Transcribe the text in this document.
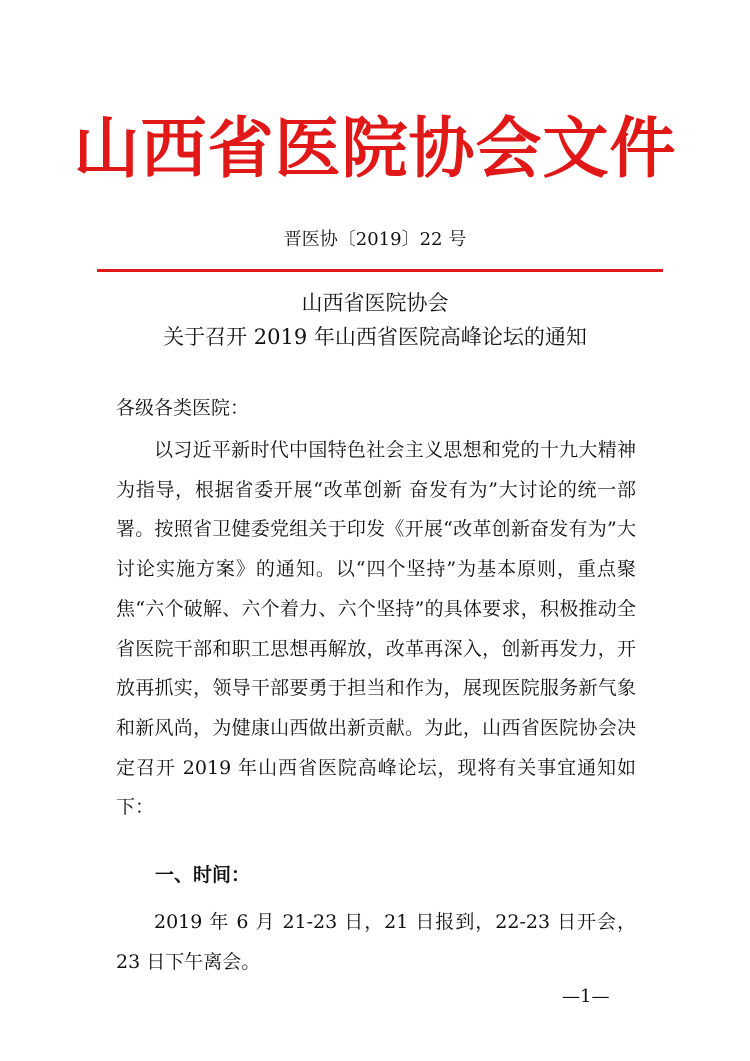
山西省医院协会文件
晋医协〔2019〕22 号
山西省医院协会
关于召开 2019 年山西省医院高峰论坛的通知
各级各类医院：

以习近平新时代中国特色社会主义思想和党的十九大精神为指导，根据省委开展“改革创新 奋发有为”大讨论的统一部署。按照省卫健委党组关于印发《开展“改革创新奋发有为”大讨论实施方案》的通知。以“四个坚持”为基本原则，重点聚焦“六个破解、六个着力、六个坚持”的具体要求，积极推动全省医院干部和职工思想再解放，改革再深入，创新再发力，开放再抓实，领导干部要勇于担当和作为，展现医院服务新气象和新风尚，为健康山西做出新贡献。为此，山西省医院协会决定召开 2019 年山西省医院高峰论坛，现将有关事宜通知如下：

一、时间：

2019 年 6 月 21-23 日，21 日报到，22-23 日开会，23 日下午离会。

—1—
